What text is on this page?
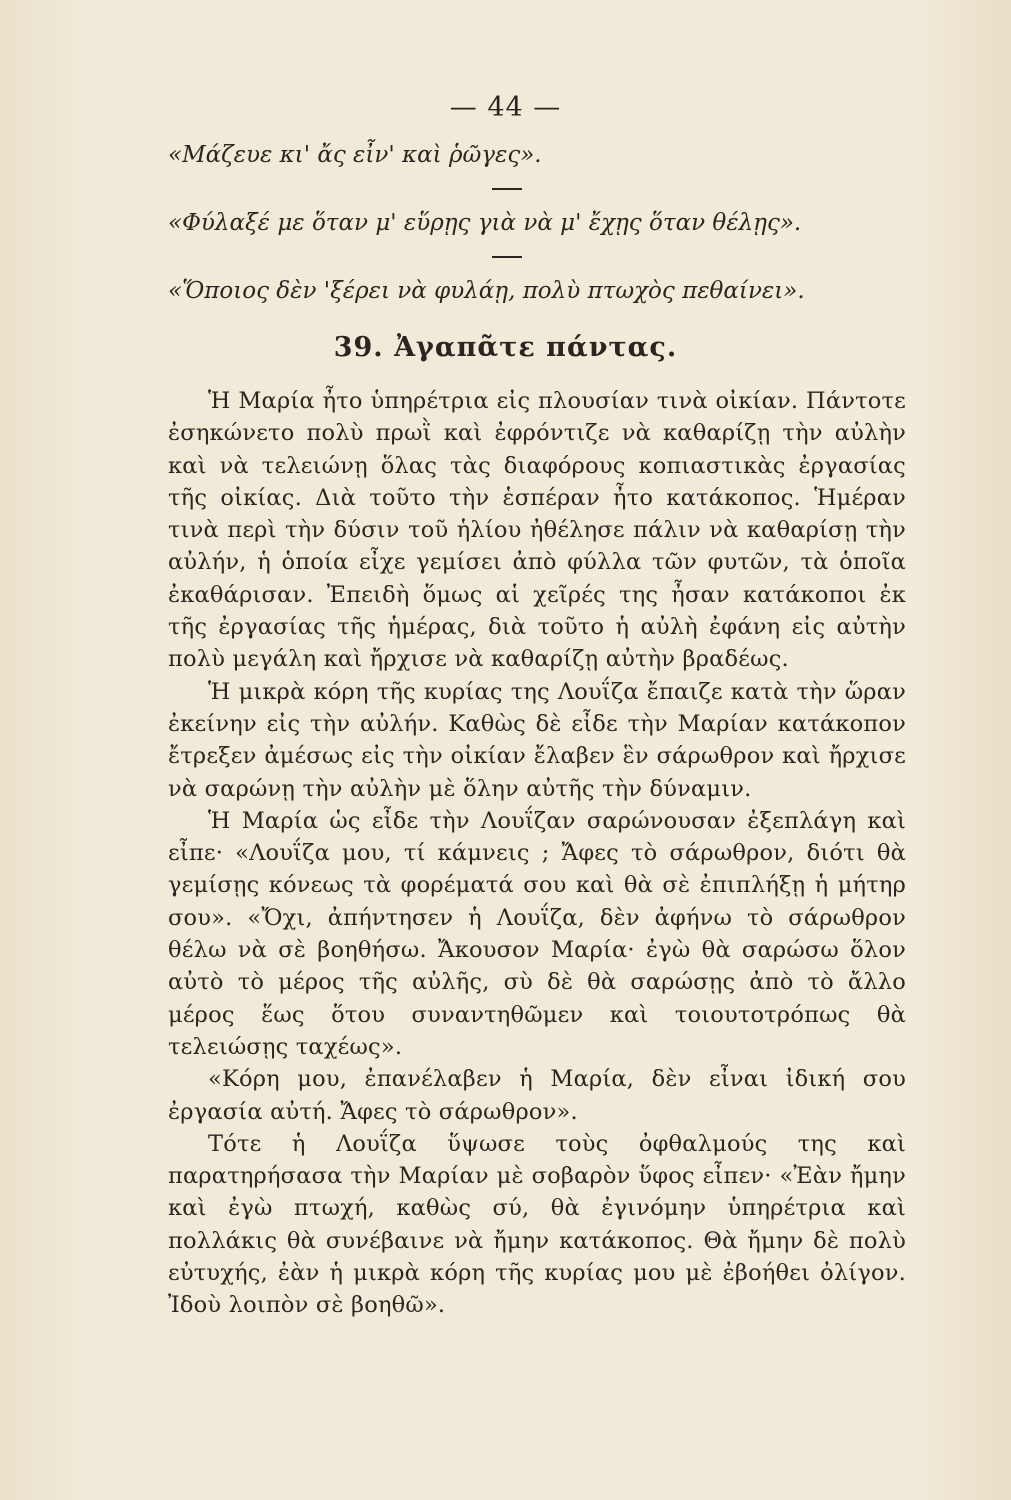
— 44 —
«Μάζευε κι' ἄς εἶν' καὶ ῥῶγες».
«Φύλαξέ με ὅταν μ' εὕρῃς γιὰ νὰ μ' ἔχῃς ὅταν θέλῃς».
«Ὅποιος δὲν 'ξέρει νὰ φυλάῃ, πολὺ πτωχὸς πεθαίνει».
39. Ἀγαπᾶτε πάντας.

Ἡ Μαρία ἦτο ὑπηρέτρια εἰς πλουσίαν τινὰ οἰκίαν. Πάντοτε ἐσηκώνετο πολὺ πρωῒ καὶ ἐφρόντιζε νὰ καθαρίζῃ τὴν αὐλὴν καὶ νὰ τελειώνῃ ὅλας τὰς διαφόρους κοπιαστικὰς ἐργασίας τῆς οἰκίας. Διὰ τοῦτο τὴν ἑσπέραν ἦτο κατάκοπος. Ἡμέραν τινὰ περὶ τὴν δύσιν τοῦ ἡλίου ἠθέλησε πάλιν νὰ καθαρίσῃ τὴν αὐλήν, ἡ ὁποία εἶχε γεμίσει ἀπὸ φύλλα τῶν φυτῶν, τὰ ὁποῖα ἐκαθάρισαν. Ἐπειδὴ ὅμως αἱ χεῖρές της ἦσαν κατάκοποι ἐκ τῆς ἐργασίας τῆς ἡμέρας, διὰ τοῦτο ἡ αὐλὴ ἐφάνη εἰς αὐτὴν πολὺ μεγάλη καὶ ἤρχισε νὰ καθαρίζῃ αὐτὴν βραδέως.

Ἡ μικρὰ κόρη τῆς κυρίας της Λουΐζα ἔπαιζε κατὰ τὴν ὥραν ἐκείνην εἰς τὴν αὐλήν. Καθὼς δὲ εἶδε τὴν Μαρίαν κατάκοπον ἔτρεξεν ἀμέσως εἰς τὴν οἰκίαν ἔλαβεν ἓν σάρωθρον καὶ ἤρχισε νὰ σαρώνῃ τὴν αὐλὴν μὲ ὅλην αὐτῆς τὴν δύναμιν.

Ἡ Μαρία ὡς εἶδε τὴν Λουΐζαν σαρώνουσαν ἐξεπλάγη καὶ εἶπε· «Λουΐζα μου, τί κάμνεις ; Ἄφες τὸ σάρωθρον, διότι θὰ γεμίσῃς κόνεως τὰ φορέματά σου καὶ θὰ σὲ ἐπιπλήξῃ ἡ μήτηρ σου». «Ὄχι, ἀπήντησεν ἡ Λουΐζα, δὲν ἀφήνω τὸ σάρωθρον θέλω νὰ σὲ βοηθήσω. Ἄκουσον Μαρία· ἐγὼ θὰ σαρώσω ὅλον αὐτὸ τὸ μέρος τῆς αὐλῆς, σὺ δὲ θὰ σαρώσῃς ἀπὸ τὸ ἄλλο μέρος ἕως ὅτου συναντηθῶμεν καὶ τοιουτοτρόπως θὰ τελειώσῃς ταχέως».

«Κόρη μου, ἐπανέλαβεν ἡ Μαρία, δὲν εἶναι ἰδική σου ἐργασία αὐτή. Ἄφες τὸ σάρωθρον».

Τότε ἡ Λουΐζα ὕψωσε τοὺς ὀφθαλμούς της καὶ παρατηρήσασα τὴν Μαρίαν μὲ σοβαρὸν ὕφος εἶπεν· «Ἐὰν ἤμην καὶ ἐγὼ πτωχή, καθὼς σύ, θὰ ἐγινόμην ὑπηρέτρια καὶ πολλάκις θὰ συνέβαινε νὰ ἤμην κατάκοπος. Θὰ ἤμην δὲ πολὺ εὐτυχής, ἐὰν ἡ μικρὰ κόρη τῆς κυρίας μου μὲ ἐβοήθει ὀλίγον. Ἰδοὺ λοιπὸν σὲ βοηθῶ».
